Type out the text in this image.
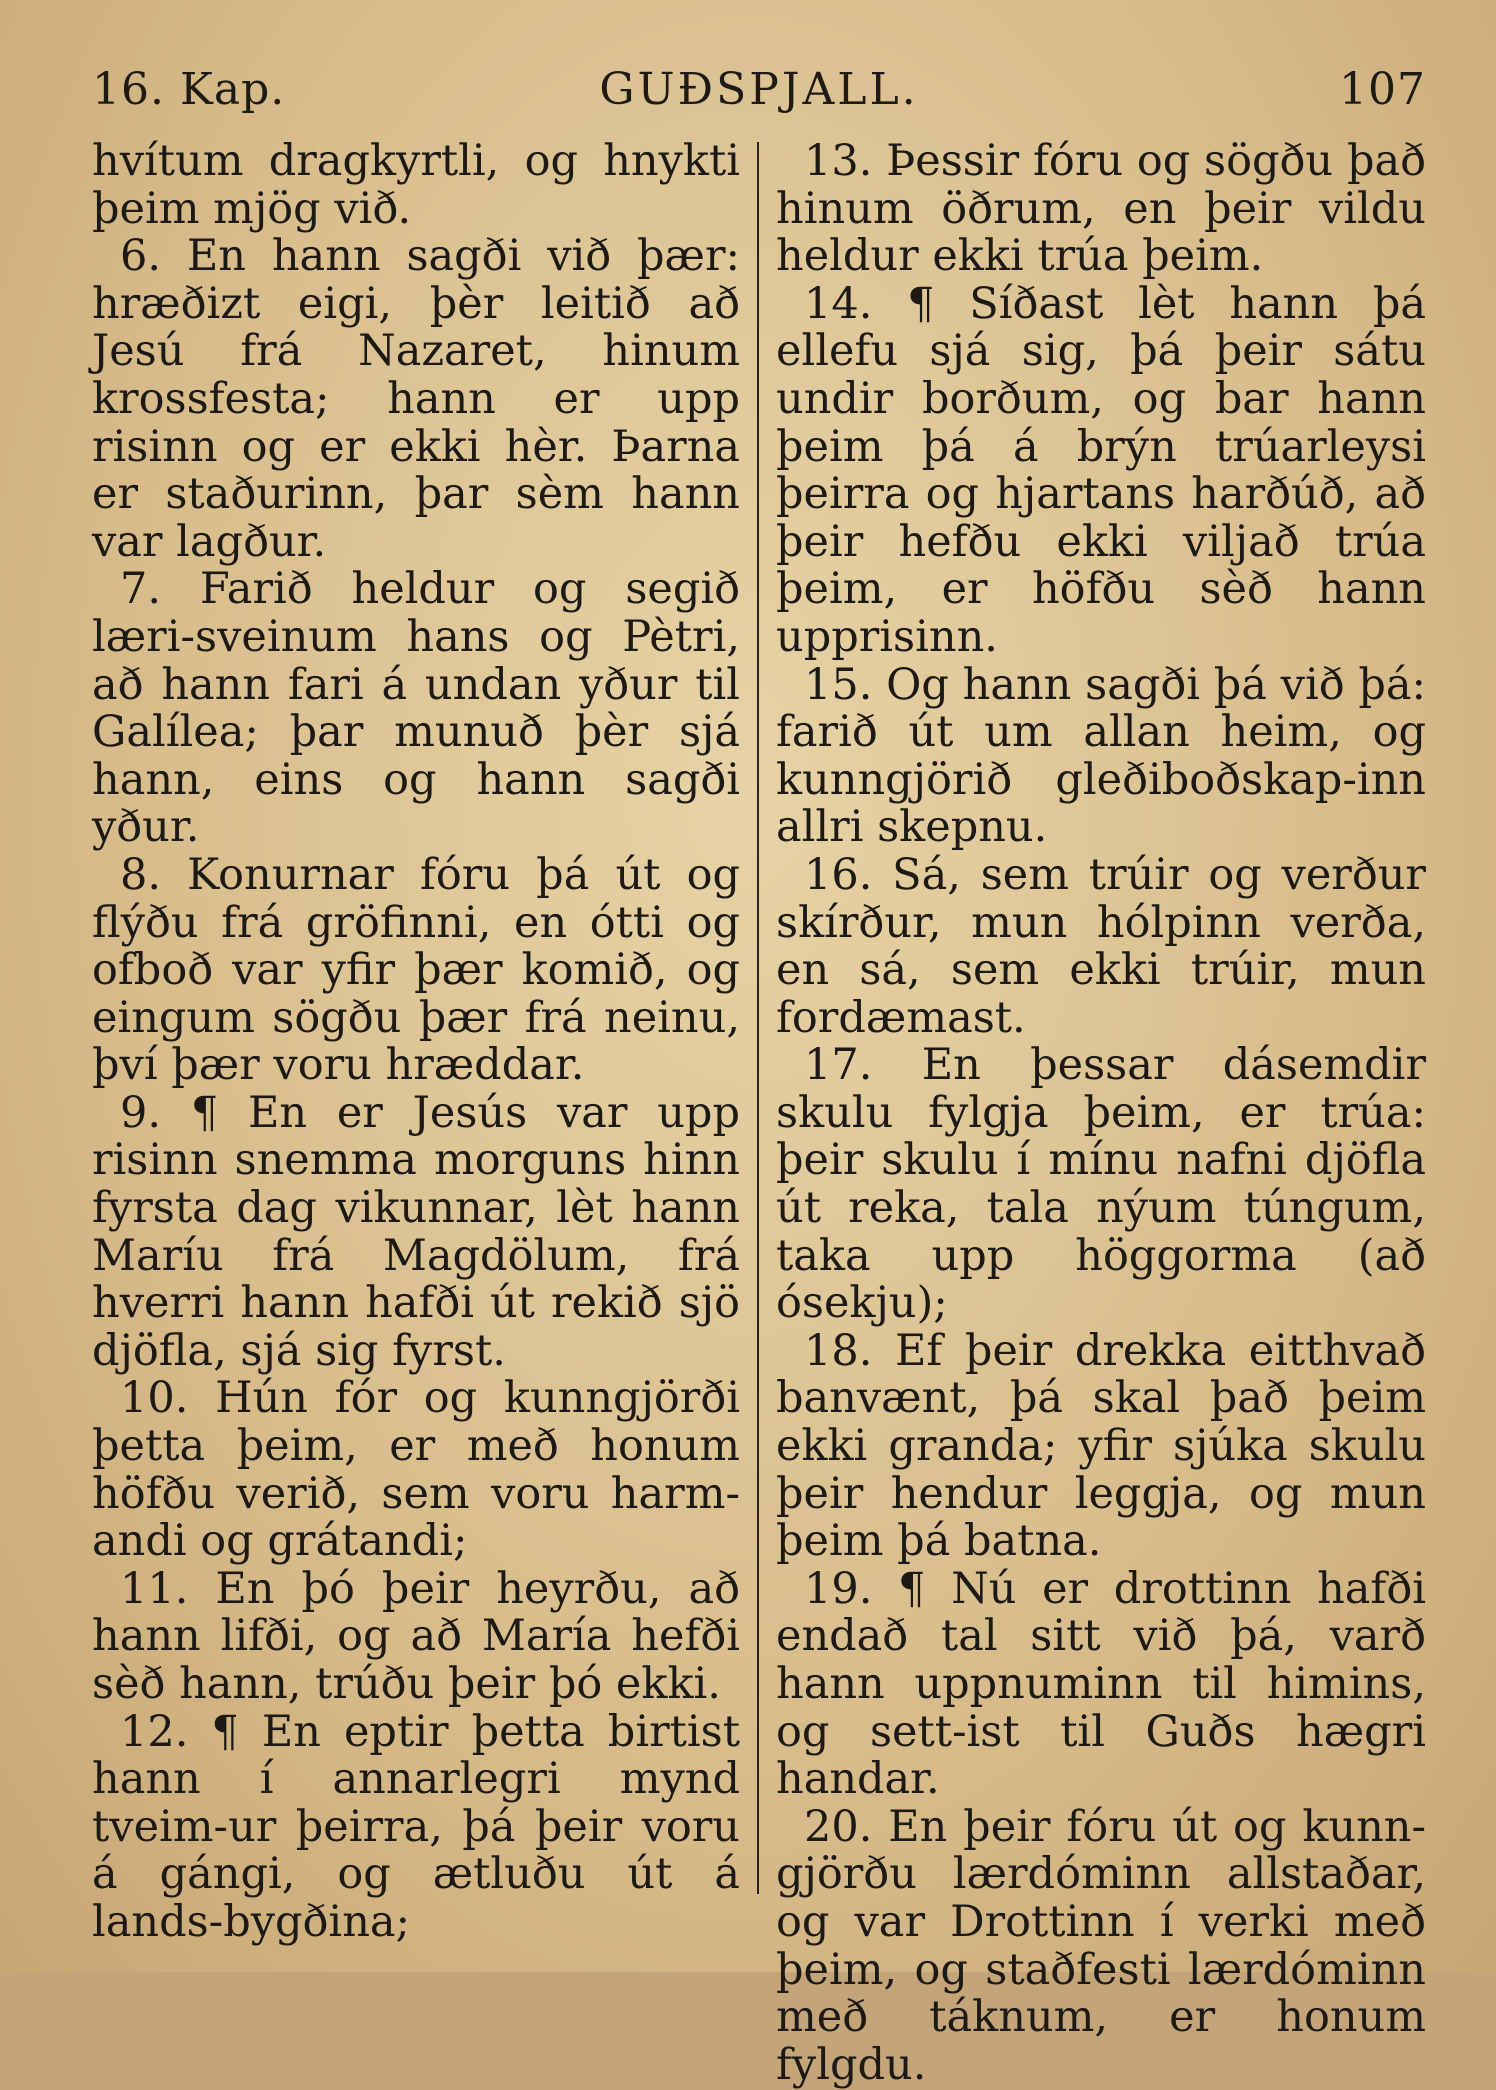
16. Kap.	GUÐSPJALL.	107

hvítum dragkyrtli, og hnykti þeim mjög við.

6. En hann sagði við þær: hræðizt eigi, þèr leitið að Jesú frá Nazaret, hinum krossfesta; hann er upp risinn og er ekki hèr. Þarna er staðurinn, þar sèm hann var lagður.

7. Farið heldur og segið læri-sveinum hans og Pètri, að hann fari á undan yður til Galílea; þar munuð þèr sjá hann, eins og hann sagði yður.

8. Konurnar fóru þá út og flýðu frá gröfinni, en ótti og ofboð var yfir þær komið, og eingum sögðu þær frá neinu, því þær voru hræddar.

9. ¶ En er Jesús var upp risinn snemma morguns hinn fyrsta dag vikunnar, lèt hann Maríu frá Magdölum, frá hverri hann hafði út rekið sjö djöfla, sjá sig fyrst.

10. Hún fór og kunngjörði þetta þeim, er með honum höfðu verið, sem voru harm-andi og grátandi;

11. En þó þeir heyrðu, að hann lifði, og að María hefði sèð hann, trúðu þeir þó ekki.

12. ¶ En eptir þetta birtist hann í annarlegri mynd tveim-ur þeirra, þá þeir voru á gángi, og ætluðu út á lands-bygðina;

13. Þessir fóru og sögðu það hinum öðrum, en þeir vildu heldur ekki trúa þeim.

14. ¶ Síðast lèt hann þá ellefu sjá sig, þá þeir sátu undir borðum, og bar hann þeim þá á brýn trúarleysi þeirra og hjartans harðúð, að þeir hefðu ekki viljað trúa þeim, er höfðu sèð hann upprisinn.

15. Og hann sagði þá við þá: farið út um allan heim, og kunngjörið gleðiboðskap-inn allri skepnu.

16. Sá, sem trúir og verður skírður, mun hólpinn verða, en sá, sem ekki trúir, mun fordæmast.

17. En þessar dásemdir skulu fylgja þeim, er trúa: þeir skulu í mínu nafni djöfla út reka, tala nýum túngum, taka upp höggorma (að ósekju);

18. Ef þeir drekka eitthvað banvænt, þá skal það þeim ekki granda; yfir sjúka skulu þeir hendur leggja, og mun þeim þá batna.

19. ¶ Nú er drottinn hafði endað tal sitt við þá, varð hann uppnuminn til himins, og sett-ist til Guðs hægri handar.

20. En þeir fóru út og kunn-gjörðu lærdóminn allstaðar, og var Drottinn í verki með þeim, og staðfesti lærdóminn með táknum, er honum fylgdu.
